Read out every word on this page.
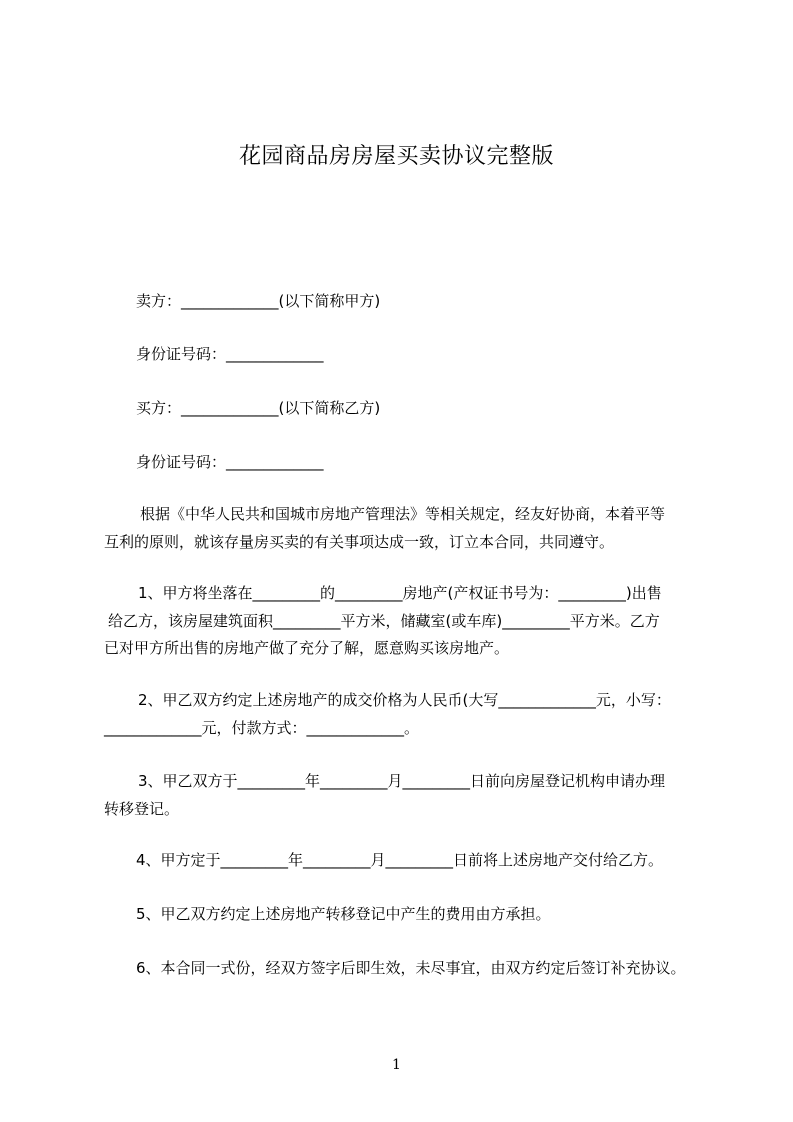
花园商品房房屋买卖协议完整版
卖方：_____________(以下简称甲方)
身份证号码：_____________
买方：_____________(以下简称乙方)
身份证号码：_____________
根据《中华人民共和国城市房地产管理法》等相关规定，经友好协商，本着平等
互利的原则，就该存量房买卖的有关事项达成一致，订立本合同，共同遵守。
1、甲方将坐落在_________的_________房地产(产权证书号为：_________)出售
给乙方，该房屋建筑面积_________平方米，储藏室(或车库)_________平方米。乙方
已对甲方所出售的房地产做了充分了解，愿意购买该房地产。
2、甲乙双方约定上述房地产的成交价格为人民币(大写_____________元，小写：
_____________元，付款方式：_____________。
3、甲乙双方于_________年_________月_________日前向房屋登记机构申请办理
转移登记。
4、甲方定于_________年_________月_________日前将上述房地产交付给乙方。
5、甲乙双方约定上述房地产转移登记中产生的费用由方承担。
6、本合同一式份，经双方签字后即生效，未尽事宜，由双方约定后签订补充协议。
1
